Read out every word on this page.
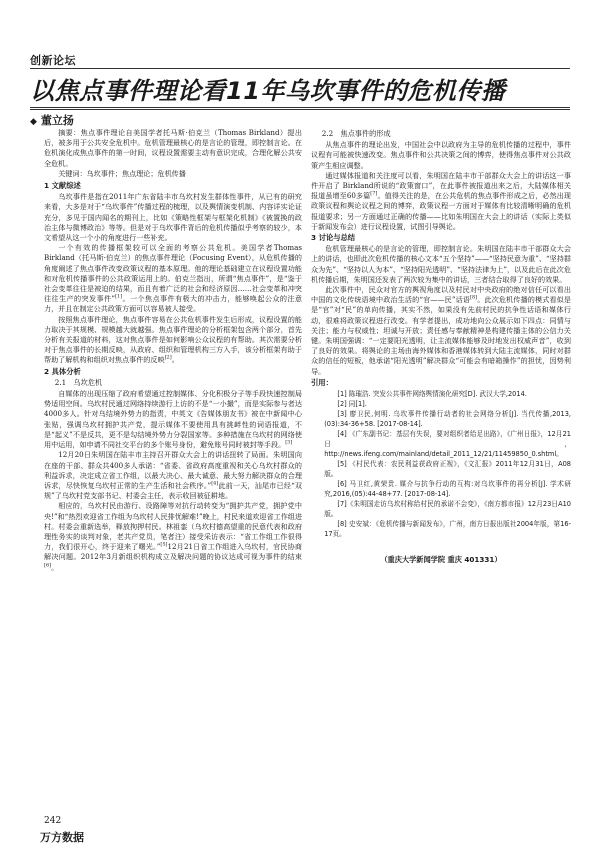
创新论坛
以焦点事件理论看11年乌坎事件的危机传播
◆ 董立扬

摘要：焦点事件理论自美国学者托马斯·伯克兰（Thomas Birkland）提出后，被多用于公共安全危机中。危机管理最核心的是言论的管理，即控制言论。在危机演化成焦点事件的第一时间，议程设置需要主动有意识完成，合理化解公共安全危机。

关键词：乌坎事件；焦点理论；危机传播

1 文献综述

乌坎事件是指在2011年广东省陆丰市乌坎村发生群体性事件，从已有的研究来看，大多是对于“乌坎事件”传播过程的梳理，以及舆情演变机制、内容详实论证充分，多见于国内闻名的期刊上，比如《策略性框架与框架化机制》《被置换的政治主体与微博政治》等等。但是对于乌坎事件背后的危机传播似乎考察的较少，本文希望从这一个小的角度进行一些补充。

一个有效的传播框架较可以全面的考察公共危机。美国学者Thomas Birkland（托马斯·伯克兰）的焦点事件理论（Focusing Event），从危机传播的角度阐述了焦点事件改变政策议程的基本原理。他的理论基础建立在议程设置功能和对危机传播事件的公共政策运用上的。伯克兰指出，所谓“焦点事件”，是“鉴于社会变革往往是被迫的结果，而且有着广泛的社会和经济原因……社会变革和冲突往往生产的突发事件”[1]。一个焦点事件有极大的冲击力，能够唤起公众的注意力，并且在制定公共政策方面可以容易被人接受。

按照焦点事件理论，焦点事件容易在公共危机事件发生后形成，议程设置的能力取决于其规模、规模越大就越强。焦点事件理论的分析框架包含两个部分，首先分析有关报道的材料，这对焦点事件是如何影响公众议程的有帮助。其次需要分析对于焦点事件的长期反映，从政府、组织和管理机构三方入手，该分析框架有助于帮助了解机构和组织对焦点事件的反映[2]。

2 具体分析
2.1　乌坎危机

自媒体的出现压缩了政府希望通过控制媒体、分化积极分子等手段快速控制局势适用空间。乌坎村民通过网络持续游行上访的不是“一小撮”，而是实际参与者达4000多人。针对乌结境外势力的指责，中英文《告媒体朋友书》被在中新闻中心张贴，强调乌坎村拥护共产党，提示媒体不要使用具有挑衅性的词语报道，不是“起义”不是反共，更不是勾结境外势力分裂国家等。多种措施在乌坎村的网络使用中运用，如申请不同社交平台的多个账号身份，避免账号同时被封等手段。[3]

12月20日朱明国在陆丰市主持召开群众大会上的讲话扭转了局面。朱明国向在座的干部、群众共400多人承诺：“省委、省政府高度重视和关心乌坎村群众的利益诉求，决定成立省工作组，以最大决心、最大诚意、最大努力解决群众的合理诉求，尽快恢复乌坎村正常的生产生活和社会秩序。”[4]此前一天，汕尾市已经“双规”了乌坎村党支部书记、村委会主任，表示收回被征耕地。

相应的，乌坎村民由游行、设路障等对抗行动转变为“拥护共产党，拥护党中央!”和“热烈欢迎省工作组为乌坎村人民排忧解难!”晚上，村民来道欢迎省工作组进村。村委会重新选举，释放拘押村民。林祖銮（乌坎村德高望重的民意代表和政府理性务实的谈判对象，老共产党员，笔者注）接受采访表示：“省工作组工作很得力，我们很开心，终于迎来了曙光。”[5]12月21日省工作组进入乌坎村，官民协商解决问题。2012年3月新组织机构成立及解决问题的协议达成可视为事件的结束[6]。

2.2　焦点事件的形成

从焦点事件的理论出发，中国社会中以政府为主导的危机传播的过程中，事件议程有可能被快速改变。焦点事件和公共决策之间的博弈，使得焦点事件对公共政策产生相应调整。

通过媒体报道和关注度可以看，朱明国在陆丰市干部群众大会上的讲话这一事件开启了 Birkland所说的“政策窗口”，在此事件被报道出来之后，大陆媒体相关报道虽增至60多篇[7]。值得关注的是，在公共危机的焦点事件形成之后，必然出现政策议程和舆论议程之间的博弈，政策议程一方面对于媒体有比较清晰明确的危机报道要求；另一方面通过正确的传播——比如朱明国在大会上的讲话（实际上类似于新闻发布会）进行议程设置，试图引导舆论。

3 讨论与总结

危机管理最核心的是言论的管理，即控制言论。朱明国在陆丰市干部群众大会上的讲话，也即此次危机传播的核心文本“五个坚持”——“坚持民意为重”、“坚持群众为先”、“坚持以人为本”、“坚持阳光透明”、“坚持法律为上”，以及此后在此次危机传播后期，朱明国还发表了两次较为集中的讲话，三者结合取得了良好的效果。

此次事件中，民众对官方的舆视角度以及村民对中央政府的绝对信任可以看出中国的文化传统语境中政治生活的“官——民”话语[8]。此次危机传播的模式看似是是“官”对“民”的单向传播，其实不然，如果没有先前村民的抗争性话语和媒体行动，很难将政策议程进行改变。有学者提出，成功地向公众展示如下四点：同情与关注；能力与权威性；坦诚与开放；责任感与奉献精神是构建传播主体的公信力关键。朱明国强调：“一定要阳光透明，让主流媒体能够及时地发出权威声音”，收到了良好的效果。将舆论的主场由海外媒体和香港媒体转到大陆主流媒体，同时对群众的信任的短板，他承诺“阳光透明”解决群众“可能会有暗箱操作”的担忧，因势利导。

引用：

[1] 陈璀浩. 突发公共事件网络舆情演化研究[D]. 武汉大学,2014.

[2] 同[1].

[3] 廖卫民,何明. 乌坎事件传播行动者的社会网络分析[J]. 当代传播,2013,(03):34-36+58. [2017-08-14].

[4] 《广东副书记：基层有失误，要对组织者给足出路》，《广州日报》，12月21日，http://news.ifeng.com/mainland/detail_2011_12/21/11459850_0.shtml。

[5] 《村民代表：农民利益获政府正视》，《文汇报》2011年12月31日，A08版。

[6] 马卫红,黄荣贵. 媒介与抗争行动的互构:对乌坎事件的再分析[J]. 学术研究,2016,(05):44-48+77. [2017-08-14].

[7]《朱明国走访乌坎村称给村民的承诺不会变》，《南方都市报》12月23日A10版。

[8] 史安斌：《危机传播与新闻发布》，广州，南方日报出版社2004年版，第16-17页。

（重庆大学新闻学院 重庆 401331）
242
万方数据
